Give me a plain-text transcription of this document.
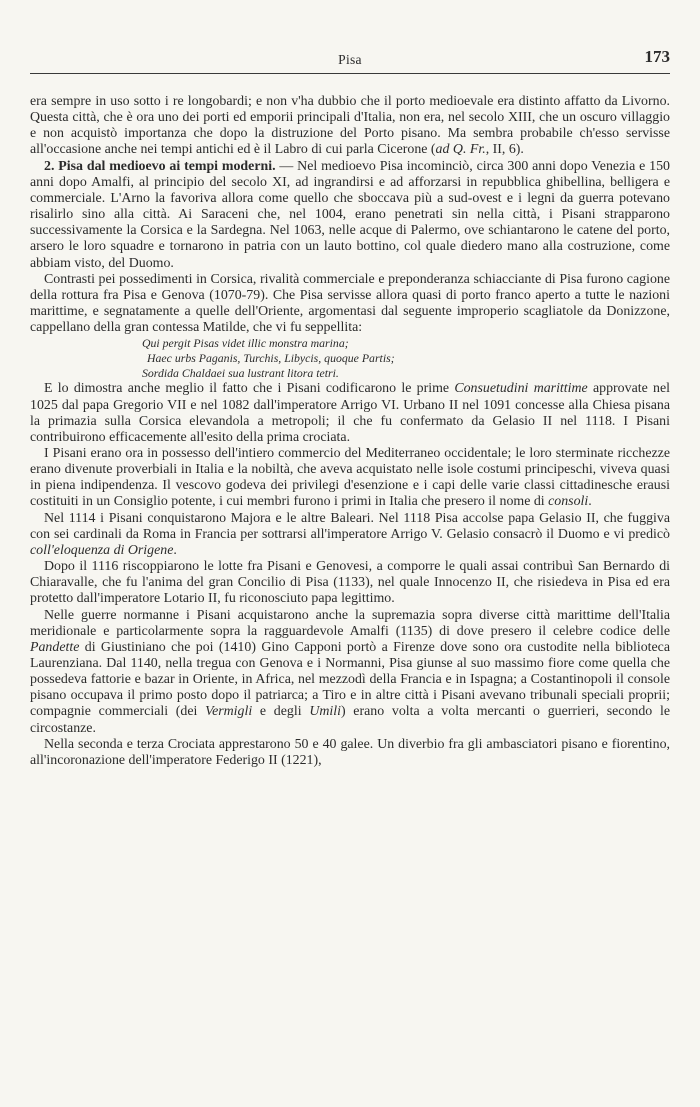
Pisa	173

era sempre in uso sotto i re longobardi; e non v'ha dubbio che il porto medioevale era distinto affatto da Livorno. Questa città, che è ora uno dei porti ed emporii principali d'Italia, non era, nel secolo XIII, che un oscuro villaggio e non acquistò importanza che dopo la distruzione del Porto pisano. Ma sembra probabile ch'esso servisse all'occasione anche nei tempi antichi ed è il Labro di cui parla Cicerone (ad Q. Fr., II, 6).

2. Pisa dal medioevo ai tempi moderni. — Nel medioevo Pisa incominciò, circa 300 anni dopo Venezia e 150 anni dopo Amalfi, al principio del secolo XI, ad ingrandirsi e ad afforzarsi in repubblica ghibellina, belligera e commerciale. L'Arno la favoriva allora come quello che sboccava più a sud-ovest e i legni da guerra potevano risalirlo sino alla città. Ai Saraceni che, nel 1004, erano penetrati sin nella città, i Pisani strapparono successivamente la Corsica e la Sardegna. Nel 1063, nelle acque di Palermo, ove schiantarono le catene del porto, arsero le loro squadre e tornarono in patria con un lauto bottino, col quale diedero mano alla costruzione, come abbiam visto, del Duomo.

Contrasti pei possedimenti in Corsica, rivalità commerciale e preponderanza schiacciante di Pisa furono cagione della rottura fra Pisa e Genova (1070-79). Che Pisa servisse allora quasi di porto franco aperto a tutte le nazioni marittime, e segnatamente a quelle dell'Oriente, argomentasi dal seguente improperio scagliatole da Donizzone, cappellano della gran contessa Matilde, che vi fu seppellita:

Qui pergit Pisas videt illic monstra marina;
Haec urbs Paganis, Turchis, Libycis, quoque Partis;
Sordida Chaldaei sua lustrant litora tetri.

E lo dimostra anche meglio il fatto che i Pisani codificarono le prime Consuetudini marittime approvate nel 1025 dal papa Gregorio VII e nel 1082 dall'imperatore Arrigo VI. Urbano II nel 1091 concesse alla Chiesa pisana la primazia sulla Corsica elevandola a metropoli; il che fu confermato da Gelasio II nel 1118. I Pisani contribuirono efficacemente all'esito della prima crociata.

I Pisani erano ora in possesso dell'intiero commercio del Mediterraneo occidentale; le loro sterminate ricchezze erano divenute proverbiali in Italia e la nobiltà, che aveva acquistato nelle isole costumi principeschi, viveva quasi in piena indipendenza. Il vescovo godeva dei privilegi d'esenzione e i capi delle varie classi cittadinesche erausi costituiti in un Consiglio potente, i cui membri furono i primi in Italia che presero il nome di consoli.

Nel 1114 i Pisani conquistarono Majora e le altre Baleari. Nel 1118 Pisa accolse papa Gelasio II, che fuggiva con sei cardinali da Roma in Francia per sottrarsi all'imperatore Arrigo V. Gelasio consacrò il Duomo e vi predicò coll'eloquenza di Origene.

Dopo il 1116 riscoppiarono le lotte fra Pisani e Genovesi, a comporre le quali assai contribuì San Bernardo di Chiaravalle, che fu l'anima del gran Concilio di Pisa (1133), nel quale Innocenzo II, che risiedeva in Pisa ed era protetto dall'imperatore Lotario II, fu riconosciuto papa legittimo.

Nelle guerre normanne i Pisani acquistarono anche la supremazia sopra diverse città marittime dell'Italia meridionale e particolarmente sopra la ragguardevole Amalfi (1135) di dove presero il celebre codice delle Pandette di Giustiniano che poi (1410) Gino Capponi portò a Firenze dove sono ora custodite nella biblioteca Laurenziana. Dal 1140, nella tregua con Genova e i Normanni, Pisa giunse al suo massimo fiore come quella che possedeva fattorie e bazar in Oriente, in Africa, nel mezzodì della Francia e in Ispagna; a Costantinopoli il console pisano occupava il primo posto dopo il patriarca; a Tiro e in altre città i Pisani avevano tribunali speciali proprii; compagnie commerciali (dei Vermigli e degli Umili) erano volta a volta mercanti o guerrieri, secondo le circostanze.

Nella seconda e terza Crociata apprestarono 50 e 40 galee. Un diverbio fra gli ambasciatori pisano e fiorentino, all'incoronazione dell'imperatore Federigo II (1221),
